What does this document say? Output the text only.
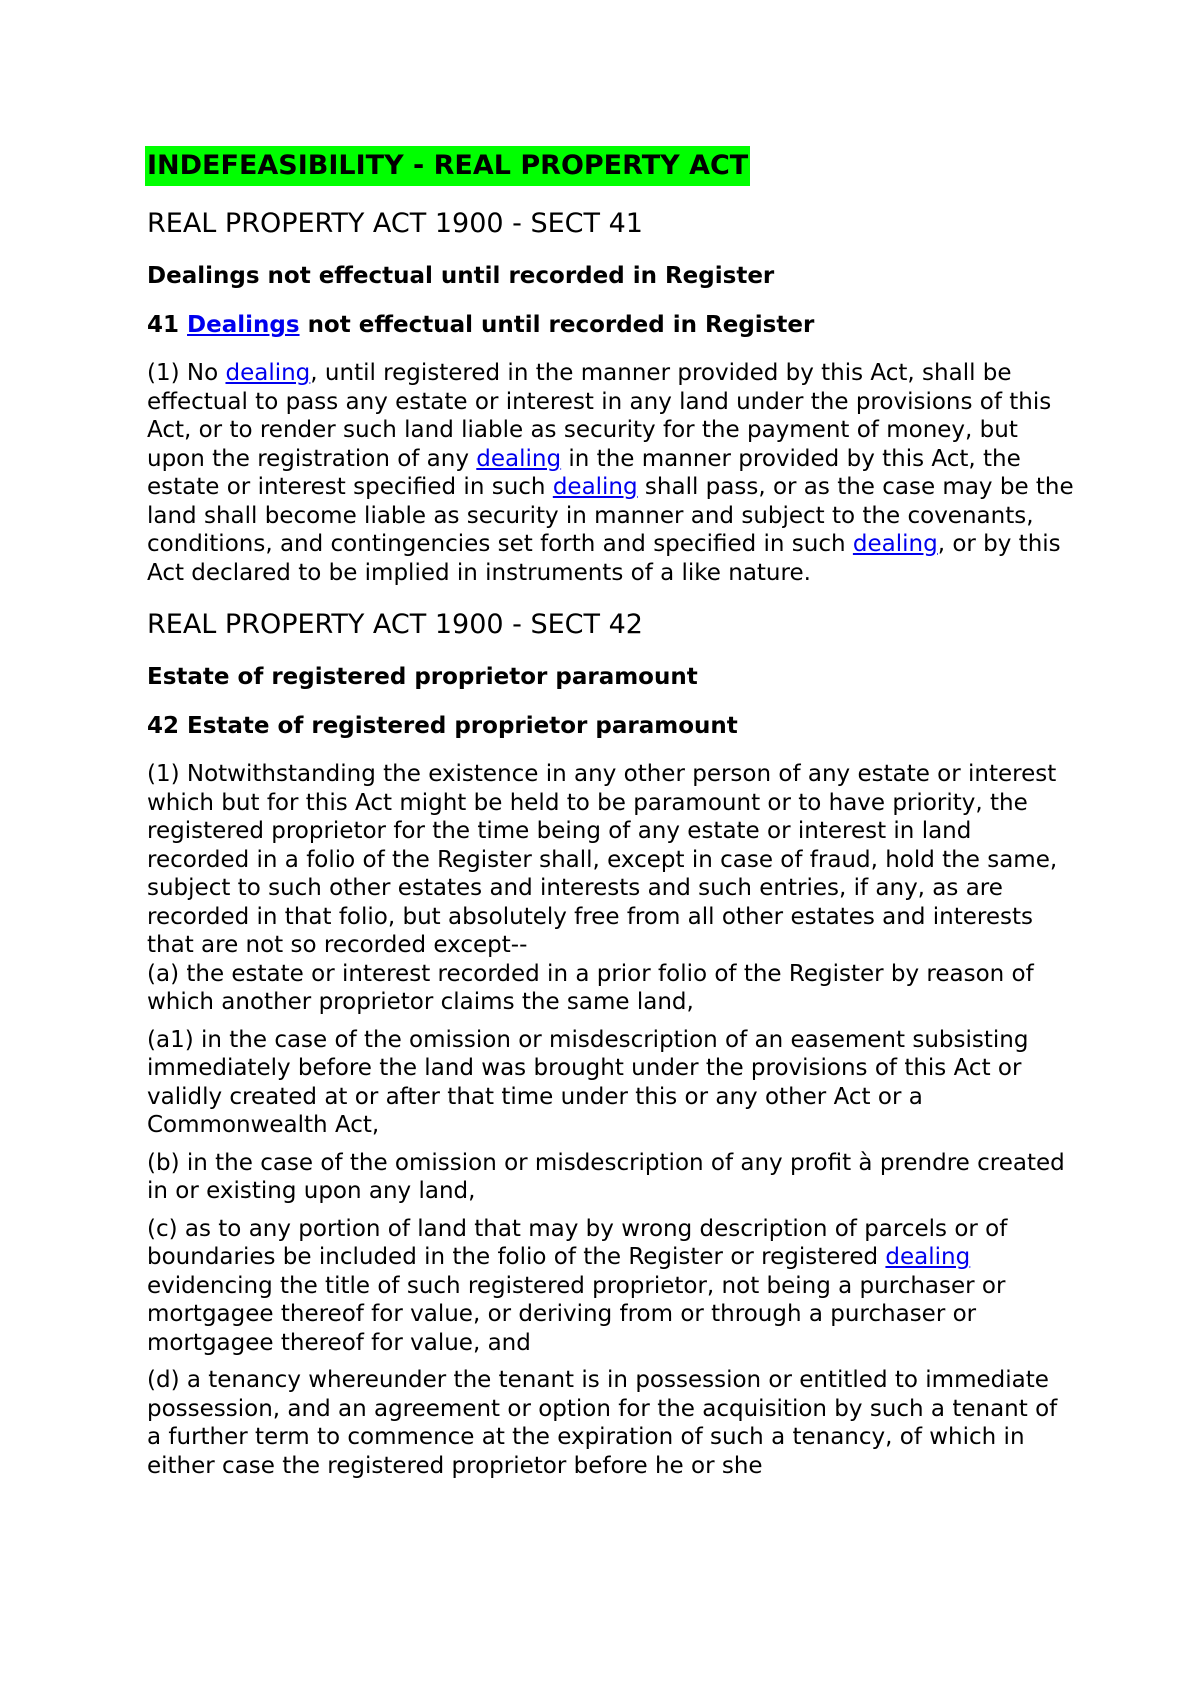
INDEFEASIBILITY - REAL PROPERTY ACT
REAL PROPERTY ACT 1900 - SECT 41
Dealings not effectual until recorded in Register
41 Dealings not effectual until recorded in Register

(1) No dealing, until registered in the manner provided by this Act, shall be effectual to pass any estate or interest in any land under the provisions of this Act, or to render such land liable as security for the payment of money, but upon the registration of any dealing in the manner provided by this Act, the estate or interest specified in such dealing shall pass, or as the case may be the land shall become liable as security in manner and subject to the covenants, conditions, and contingencies set forth and specified in such dealing, or by this Act declared to be implied in instruments of a like nature.

REAL PROPERTY ACT 1900 - SECT 42
Estate of registered proprietor paramount
42 Estate of registered proprietor paramount

(1) Notwithstanding the existence in any other person of any estate or interest which but for this Act might be held to be paramount or to have priority, the registered proprietor for the time being of any estate or interest in land recorded in a folio of the Register shall, except in case of fraud, hold the same, subject to such other estates and interests and such entries, if any, as are recorded in that folio, but absolutely free from all other estates and interests that are not so recorded except--

(a) the estate or interest recorded in a prior folio of the Register by reason of which another proprietor claims the same land,

(a1) in the case of the omission or misdescription of an easement subsisting immediately before the land was brought under the provisions of this Act or validly created at or after that time under this or any other Act or a Commonwealth Act,

(b) in the case of the omission or misdescription of any profit à prendre created in or existing upon any land,

(c) as to any portion of land that may by wrong description of parcels or of boundaries be included in the folio of the Register or registered dealing evidencing the title of such registered proprietor, not being a purchaser or mortgagee thereof for value, or deriving from or through a purchaser or mortgagee thereof for value, and

(d) a tenancy whereunder the tenant is in possession or entitled to immediate possession, and an agreement or option for the acquisition by such a tenant of a further term to commence at the expiration of such a tenancy, of which in either case the registered proprietor before he or she
